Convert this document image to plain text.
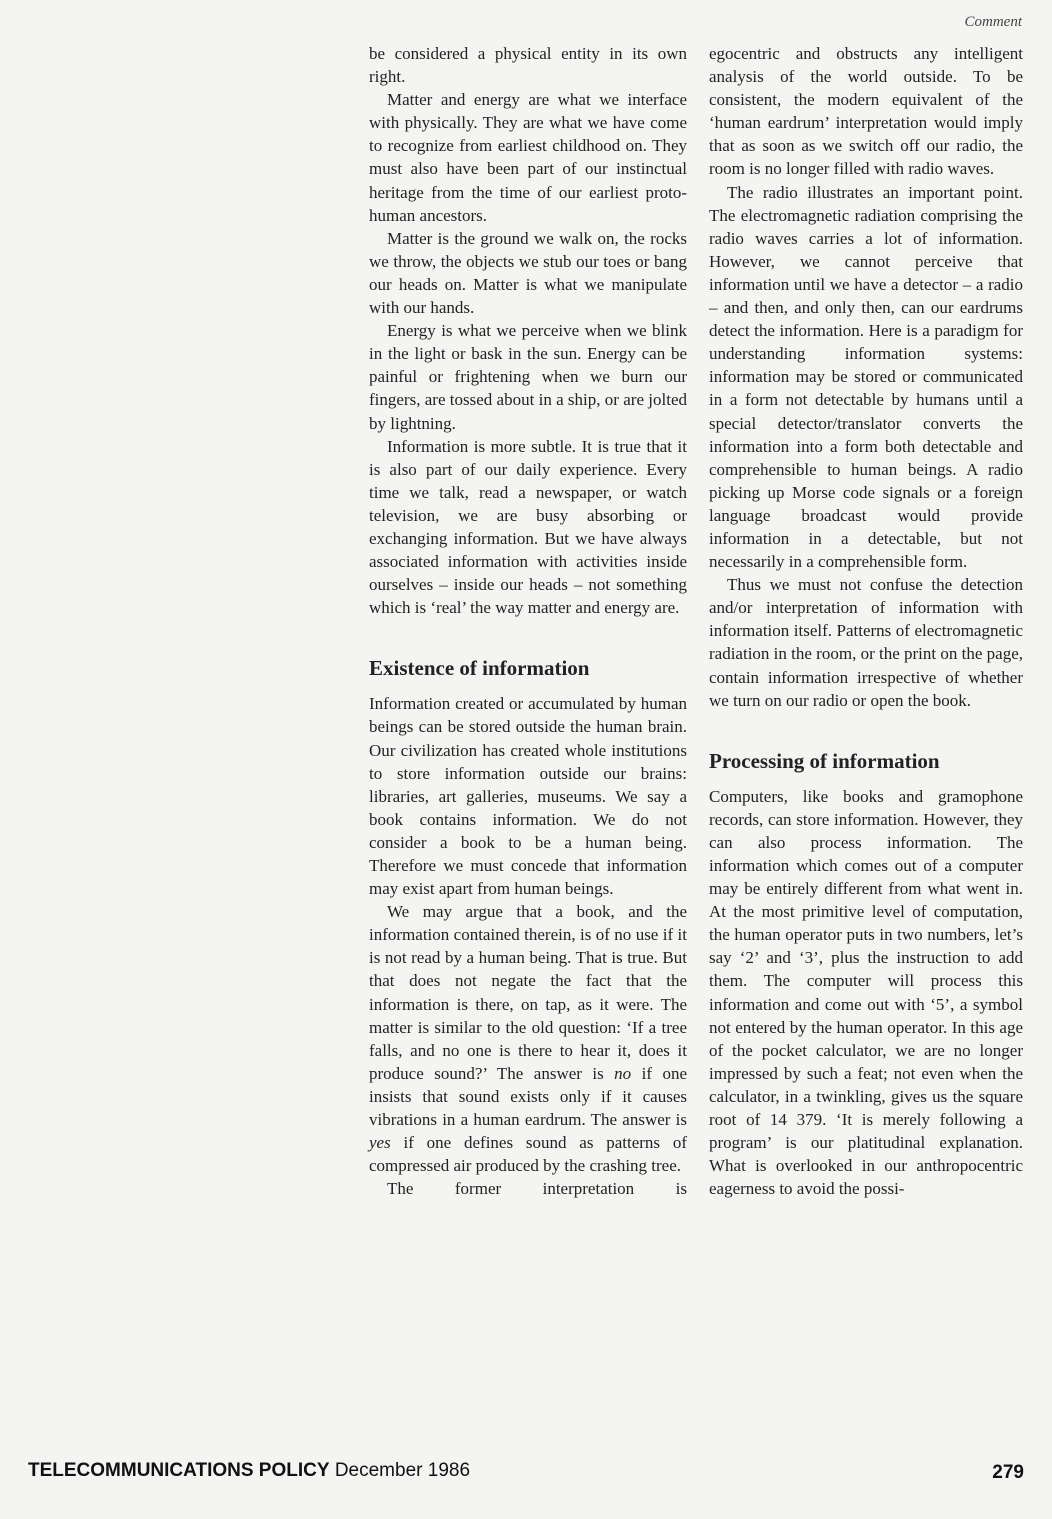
Comment

be considered a physical entity in its own right.

Matter and energy are what we interface with physically. They are what we have come to recognize from earliest childhood on. They must also have been part of our instinctual heritage from the time of our earliest proto-human ancestors.

Matter is the ground we walk on, the rocks we throw, the objects we stub our toes or bang our heads on. Matter is what we manipulate with our hands.

Energy is what we perceive when we blink in the light or bask in the sun. Energy can be painful or frightening when we burn our fingers, are tossed about in a ship, or are jolted by lightning.

Information is more subtle. It is true that it is also part of our daily experience. Every time we talk, read a newspaper, or watch television, we are busy absorbing or exchanging information. But we have always associated information with activities inside ourselves – inside our heads – not something which is ‘real’ the way matter and energy are.

Existence of information

Information created or accumulated by human beings can be stored outside the human brain. Our civilization has created whole institutions to store information outside our brains: libraries, art galleries, museums. We say a book contains information. We do not consider a book to be a human being. Therefore we must concede that information may exist apart from human beings.

We may argue that a book, and the information contained therein, is of no use if it is not read by a human being. That is true. But that does not negate the fact that the information is there, on tap, as it were. The matter is similar to the old question: ‘If a tree falls, and no one is there to hear it, does it produce sound?’ The answer is no if one insists that sound exists only if it causes vibrations in a human eardrum. The answer is yes if one defines sound as patterns of compressed air produced by the crashing tree.

The former interpretation is

egocentric and obstructs any intelligent analysis of the world outside. To be consistent, the modern equivalent of the ‘human eardrum’ interpretation would imply that as soon as we switch off our radio, the room is no longer filled with radio waves.

The radio illustrates an important point. The electromagnetic radiation comprising the radio waves carries a lot of information. However, we cannot perceive that information until we have a detector – a radio – and then, and only then, can our eardrums detect the information. Here is a paradigm for understanding information systems: information may be stored or communicated in a form not detectable by humans until a special detector/translator converts the information into a form both detectable and comprehensible to human beings. A radio picking up Morse code signals or a foreign language broadcast would provide information in a detectable, but not necessarily in a comprehensible form.

Thus we must not confuse the detection and/or interpretation of information with information itself. Patterns of electromagnetic radiation in the room, or the print on the page, contain information irrespective of whether we turn on our radio or open the book.

Processing of information

Computers, like books and gramophone records, can store information. However, they can also process information. The information which comes out of a computer may be entirely different from what went in. At the most primitive level of computation, the human operator puts in two numbers, let’s say ‘2’ and ‘3’, plus the instruction to add them. The computer will process this information and come out with ‘5’, a symbol not entered by the human operator. In this age of the pocket calculator, we are no longer impressed by such a feat; not even when the calculator, in a twinkling, gives us the square root of 14 379. ‘It is merely following a program’ is our platitudinal explanation. What is overlooked in our anthropocentric eagerness to avoid the possi-

TELECOMMUNICATIONS POLICY December 1986	279
